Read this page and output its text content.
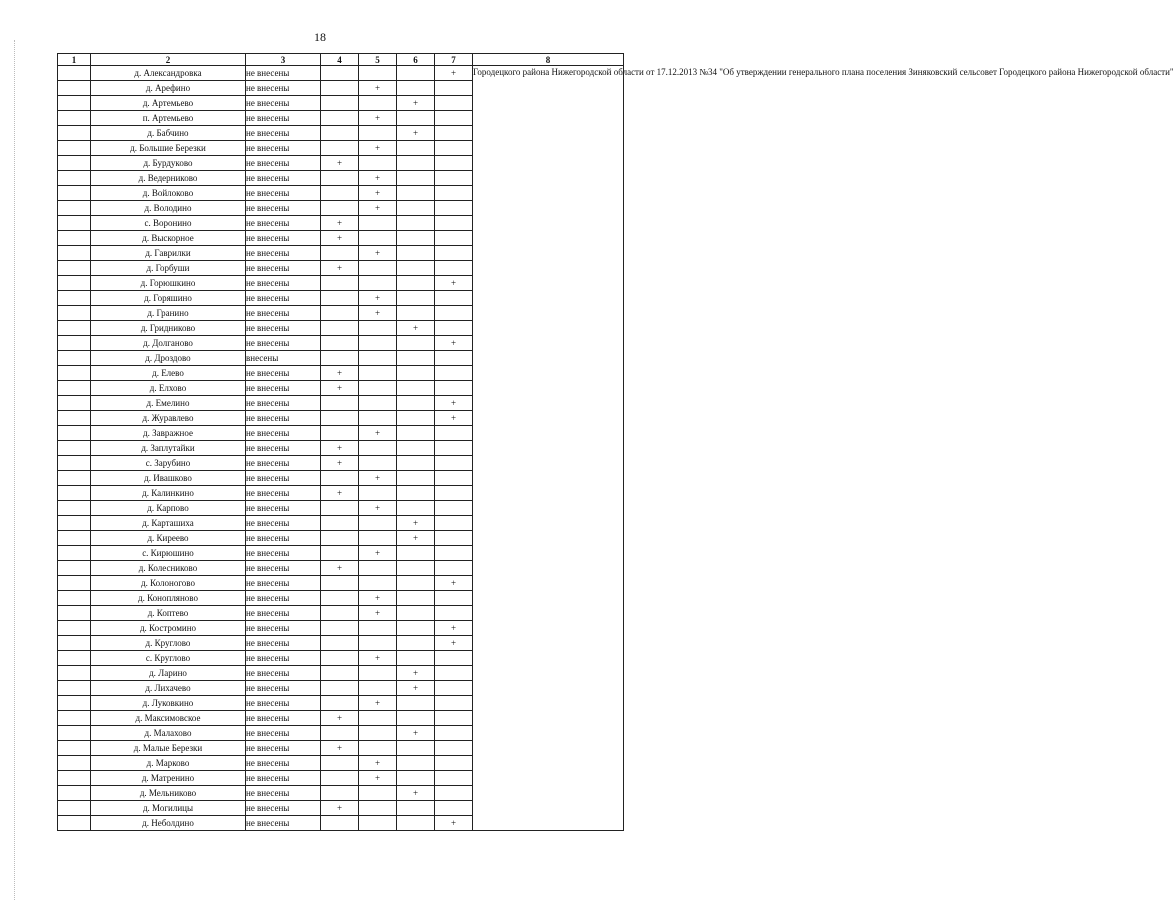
18
1	2	3	4	5	6	7	8
	д. Александровка	не внесены				+	Городецкого района Нижегородской области от 17.12.2013 №34 "Об утверждении генерального плана поселения Зиняковский сельсовет Городецкого района Нижегородской области"
	д. Арефино	не внесены		+			
	д. Артемьево	не внесены			+		
	п. Артемьево	не внесены		+			
	д. Бабчино	не внесены			+		
	д. Большие Березки	не внесены		+			
	д. Бурдуково	не внесены	+				
	д. Ведерниково	не внесены		+			
	д. Войлоково	не внесены		+			
	д. Володино	не внесены		+			
	с. Воронино	не внесены	+				
	д. Выскорное	не внесены	+				
	д. Гаврилки	не внесены		+			
	д. Горбуши	не внесены	+				
	д. Горюшкино	не внесены				+	
	д. Горяшино	не внесены		+			
	д. Гранино	не внесены		+			
	д. Гридниково	не внесены			+		
	д. Долганово	не внесены				+	
	д. Дроздово	внесены					
	д. Елево	не внесены	+				
	д. Елхово	не внесены	+				
	д. Емелино	не внесены				+	
	д. Журавлево	не внесены				+	
	д. Завражное	не внесены		+			
	д. Заплутайки	не внесены	+				
	с. Зарубино	не внесены	+				
	д. Ивашково	не внесены		+			
	д. Калинкино	не внесены	+				
	д. Карпово	не внесены		+			
	д. Карташиха	не внесены			+		
	д. Киреево	не внесены			+		
	с. Кирюшино	не внесены		+			
	д. Колесниково	не внесены	+				
	д. Колоногово	не внесены				+	
	д. Конопляново	не внесены		+			
	д. Коптево	не внесены		+			
	д. Костромино	не внесены				+	
	д. Круглово	не внесены				+	
	с. Круглово	не внесены		+			
	д. Ларино	не внесены			+		
	д. Лихачево	не внесены			+		
	д. Луковкино	не внесены		+			
	д. Максимовское	не внесены	+				
	д. Малахово	не внесены			+		
	д. Малые Березки	не внесены	+				
	д. Марково	не внесены		+			
	д. Матренино	не внесены		+			
	д. Мельниково	не внесены			+		
	д. Могилицы	не внесены	+				
	д. Неболдино	не внесены				+	
